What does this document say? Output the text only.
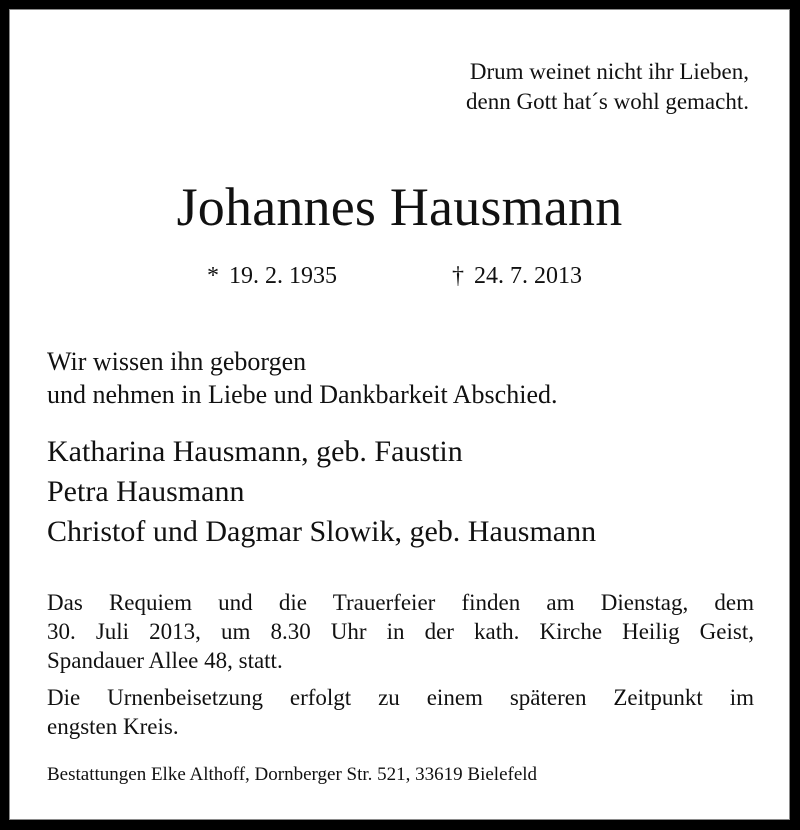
Drum weinet nicht ihr Lieben,
denn Gott hat´s wohl gemacht.
Johannes Hausmann
* 19. 2. 1935	† 24. 7. 2013
Wir wissen ihn geborgen
und nehmen in Liebe und Dankbarkeit Abschied.
Katharina Hausmann, geb. Faustin
Petra Hausmann
Christof und Dagmar Slowik, geb. Hausmann
Das Requiem und die Trauerfeier finden am Dienstag, dem
30. Juli 2013, um 8.30 Uhr in der kath. Kirche Heilig Geist,
Spandauer Allee 48, statt.
Die Urnenbeisetzung erfolgt zu einem späteren Zeitpunkt im
engsten Kreis.
Bestattungen Elke Althoff, Dornberger Str. 521, 33619 Bielefeld
